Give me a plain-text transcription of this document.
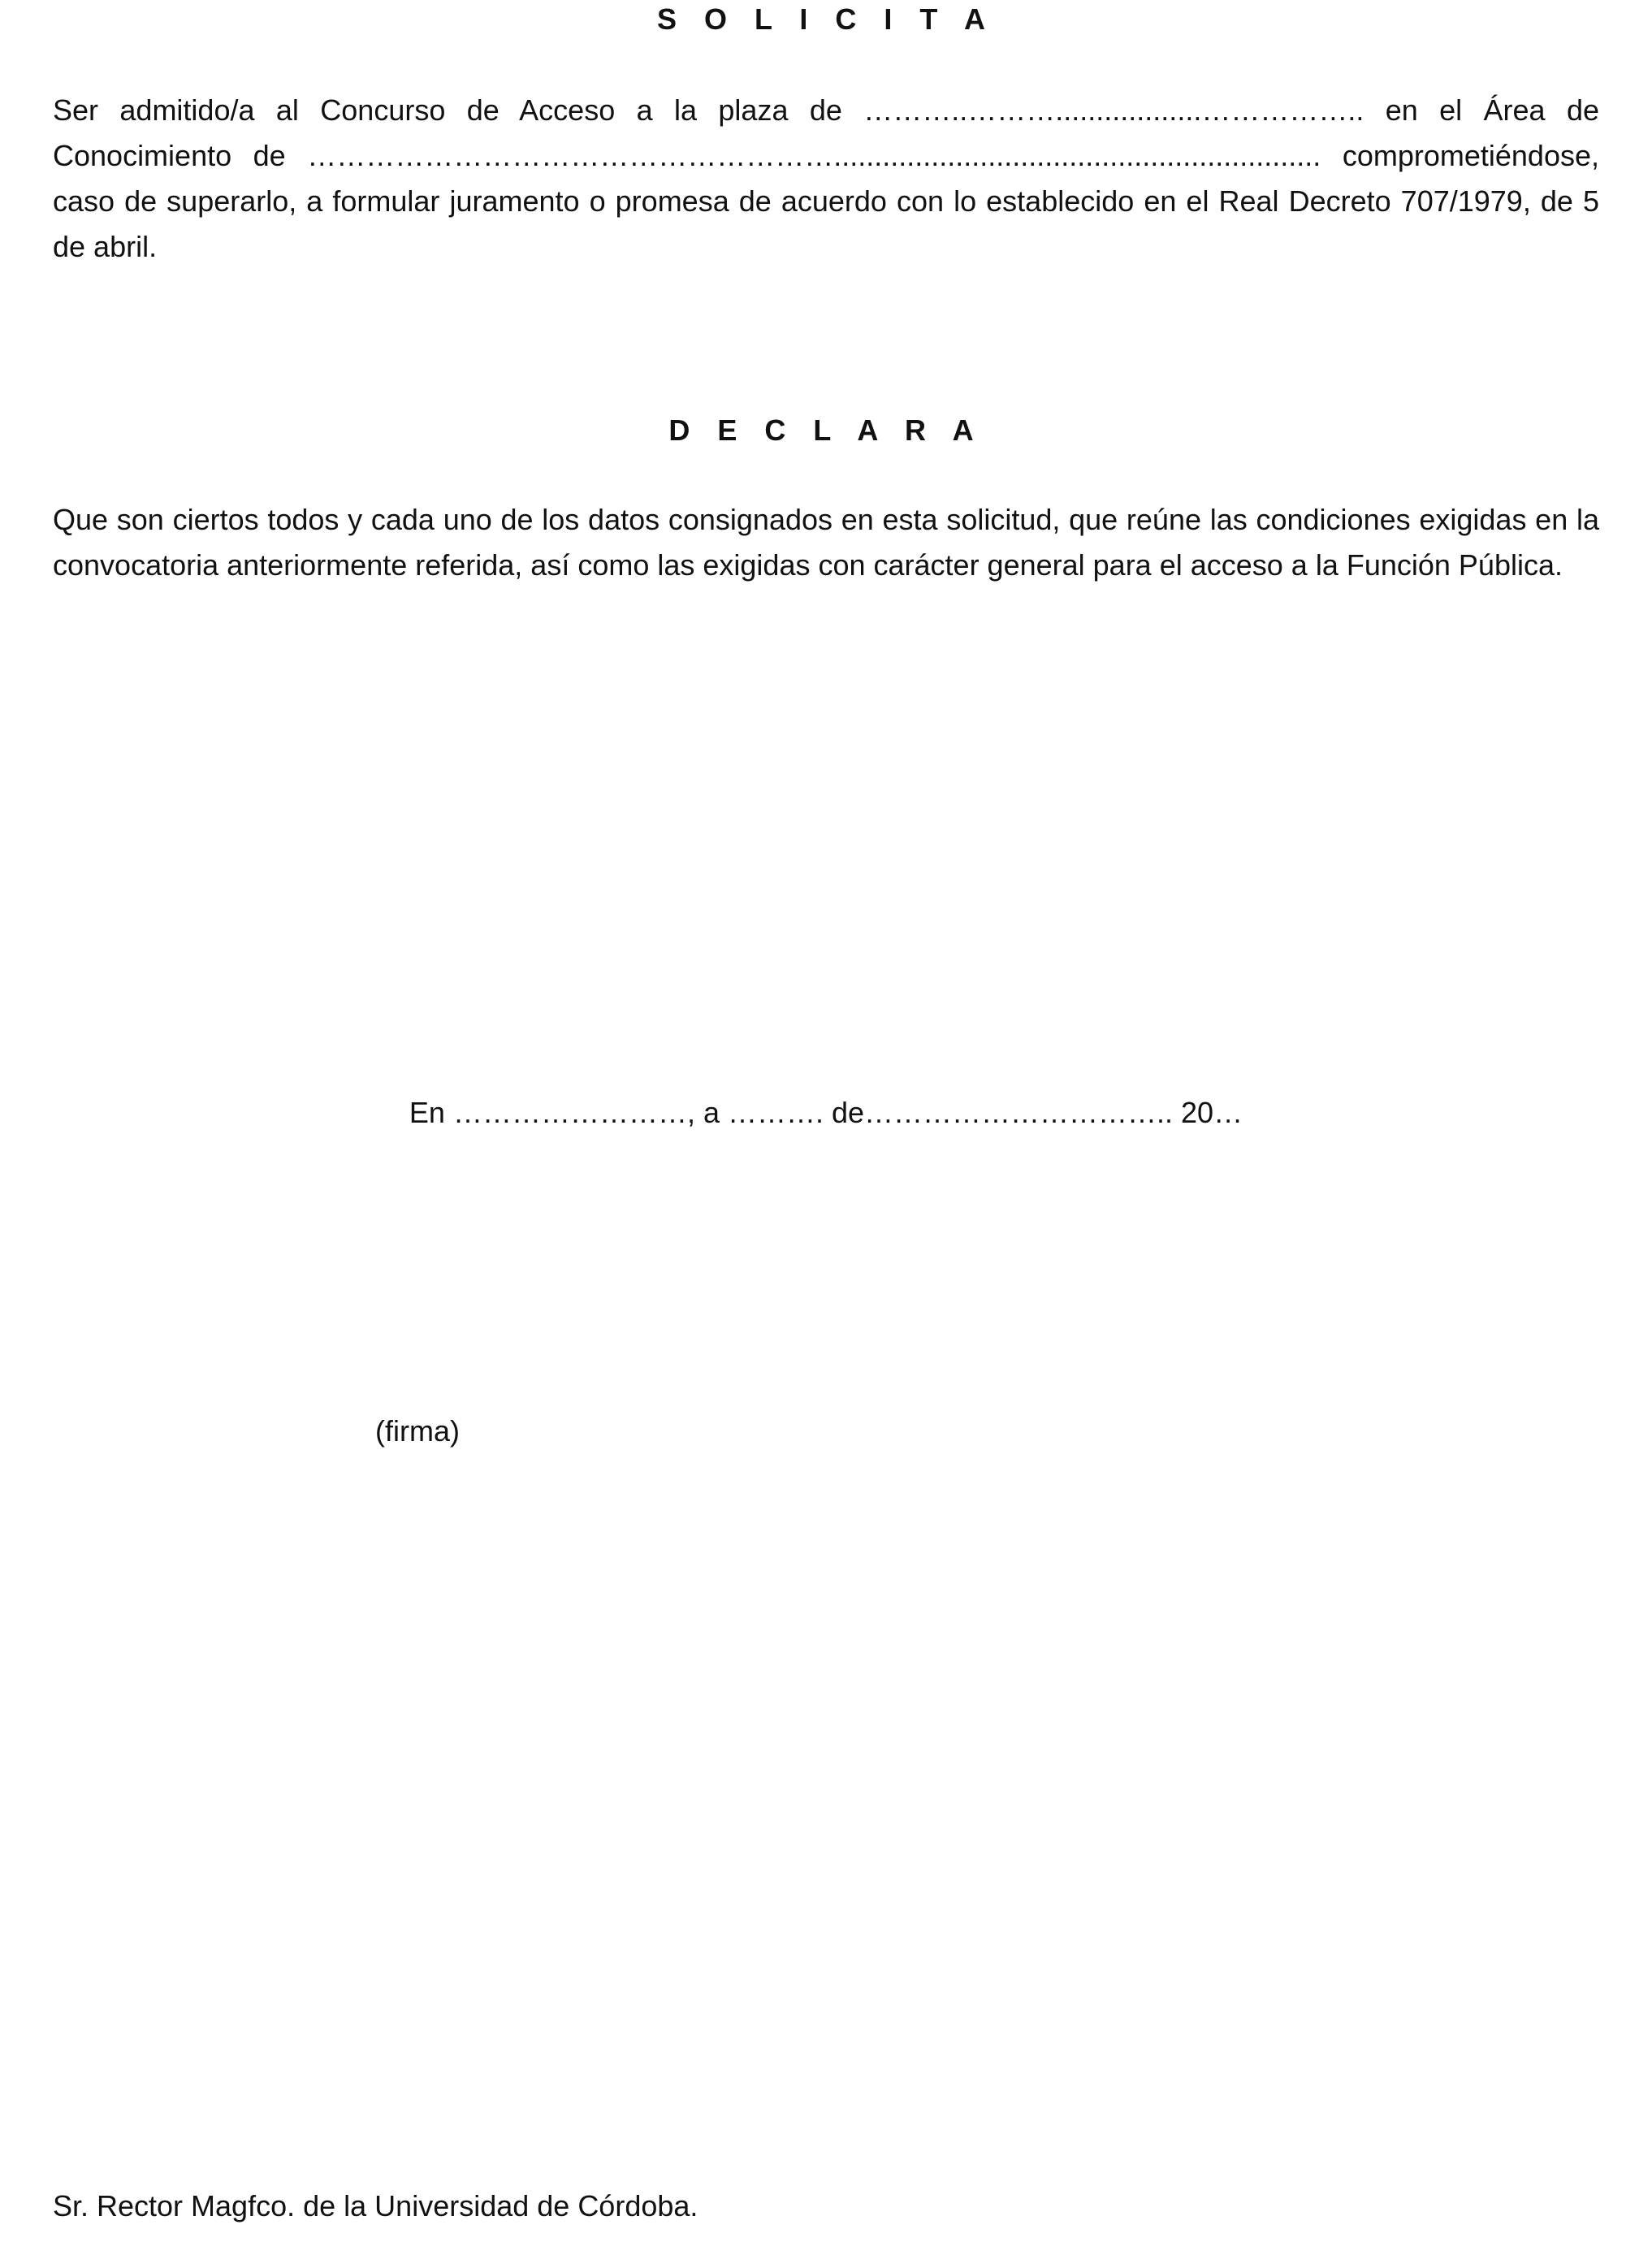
S O L I C I T A
Ser admitido/a al Concurso de Acceso a la plaza de ………..………..................…………….. en el Área de Conocimiento de ………………………………………………............................................................ comprometiéndose, caso de superarlo, a formular juramento o promesa de acuerdo con lo establecido en el Real Decreto 707/1979, de 5 de abril.
D E C L A R A
Que son ciertos todos y cada uno de los datos consignados en esta solicitud, que reúne las condiciones exigidas en la convocatoria anteriormente referida, así como las exigidas con carácter general para el acceso a la Función Pública.
En ……………………, a ………. de………………………….. 20…
(firma)
Sr. Rector Magfco. de la Universidad de Córdoba.
